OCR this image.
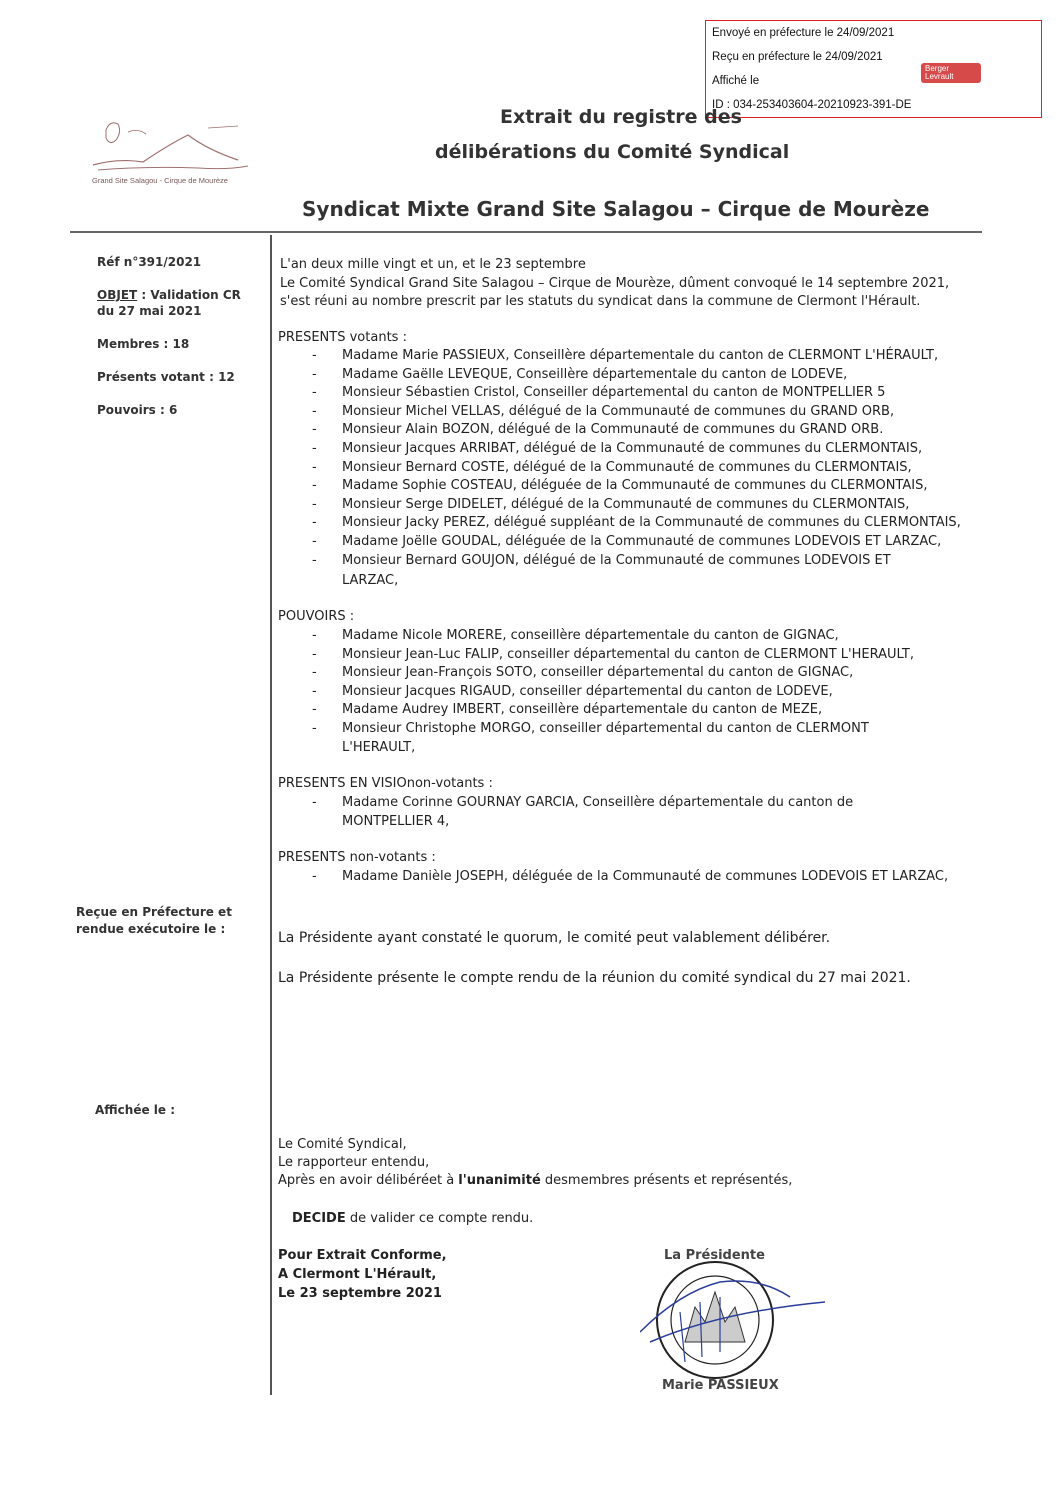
Envoyé en préfecture le 24/09/2021
Reçu en préfecture le 24/09/2021
Affiché le
ID : 034-253403604-20210923-391-DE
Berger Levrault
Grand Site Salagou - Cirque de Mourèze
Extrait du registre des
délibérations du Comité Syndical
Syndicat Mixte Grand Site Salagou – Cirque de Mourèze
Réf n°391/2021
OBJET : Validation CR
du 27 mai 2021
Membres : 18
Présents votant : 12
Pouvoirs : 6
Reçue en Préfecture et
rendue exécutoire le :
Affichée le :
L'an deux mille vingt et un, et le 23 septembre
Le Comité Syndical Grand Site Salagou – Cirque de Mourèze, dûment convoqué le 14 septembre 2021,
s'est réuni au nombre prescrit par les statuts du syndicat dans la commune de Clermont l'Hérault.
PRESENTS votants :
- Madame Marie PASSIEUX, Conseillère départementale du canton de CLERMONT L'HÉRAULT,
- Madame Gaëlle LEVEQUE, Conseillère départementale du canton de LODEVE,
- Monsieur Sébastien Cristol, Conseiller départemental du canton de MONTPELLIER 5
- Monsieur Michel VELLAS, délégué de la Communauté de communes du GRAND ORB,
- Monsieur Alain BOZON, délégué de la Communauté de communes du GRAND ORB.
- Monsieur Jacques ARRIBAT, délégué de la Communauté de communes du CLERMONTAIS,
- Monsieur Bernard COSTE, délégué de la Communauté de communes du CLERMONTAIS,
- Madame Sophie COSTEAU, déléguée de la Communauté de communes du CLERMONTAIS,
- Monsieur Serge DIDELET, délégué de la Communauté de communes du CLERMONTAIS,
- Monsieur Jacky PEREZ, délégué suppléant de la Communauté de communes du CLERMONTAIS,
- Madame Joëlle GOUDAL, déléguée de la Communauté de communes LODEVOIS ET LARZAC,
- Monsieur Bernard GOUJON, délégué de la Communauté de communes LODEVOIS ET
LARZAC,
POUVOIRS :
- Madame Nicole MORERE, conseillère départementale du canton de GIGNAC,
- Monsieur Jean-Luc FALIP, conseiller départemental du canton de CLERMONT L'HERAULT,
- Monsieur Jean-François SOTO, conseiller départemental du canton de GIGNAC,
- Monsieur Jacques RIGAUD, conseiller départemental du canton de LODEVE,
- Madame Audrey IMBERT, conseillère départementale du canton de MEZE,
- Monsieur Christophe MORGO, conseiller départemental du canton de CLERMONT
L'HERAULT,
PRESENTS EN VISIOnon-votants :
- Madame Corinne GOURNAY GARCIA, Conseillère départementale du canton de
MONTPELLIER 4,
PRESENTS non-votants :
- Madame Danièle JOSEPH, déléguée de la Communauté de communes LODEVOIS ET LARZAC,
La Présidente ayant constaté le quorum, le comité peut valablement délibérer.
La Présidente présente le compte rendu de la réunion du comité syndical du 27 mai 2021.
Le Comité Syndical,
Le rapporteur entendu,
Après en avoir délibéréet à l'unanimité desmembres présents et représentés,
DECIDE de valider ce compte rendu.
Pour Extrait Conforme,
A Clermont L'Hérault,
Le 23 septembre 2021
La Présidente
Marie PASSIEUX
